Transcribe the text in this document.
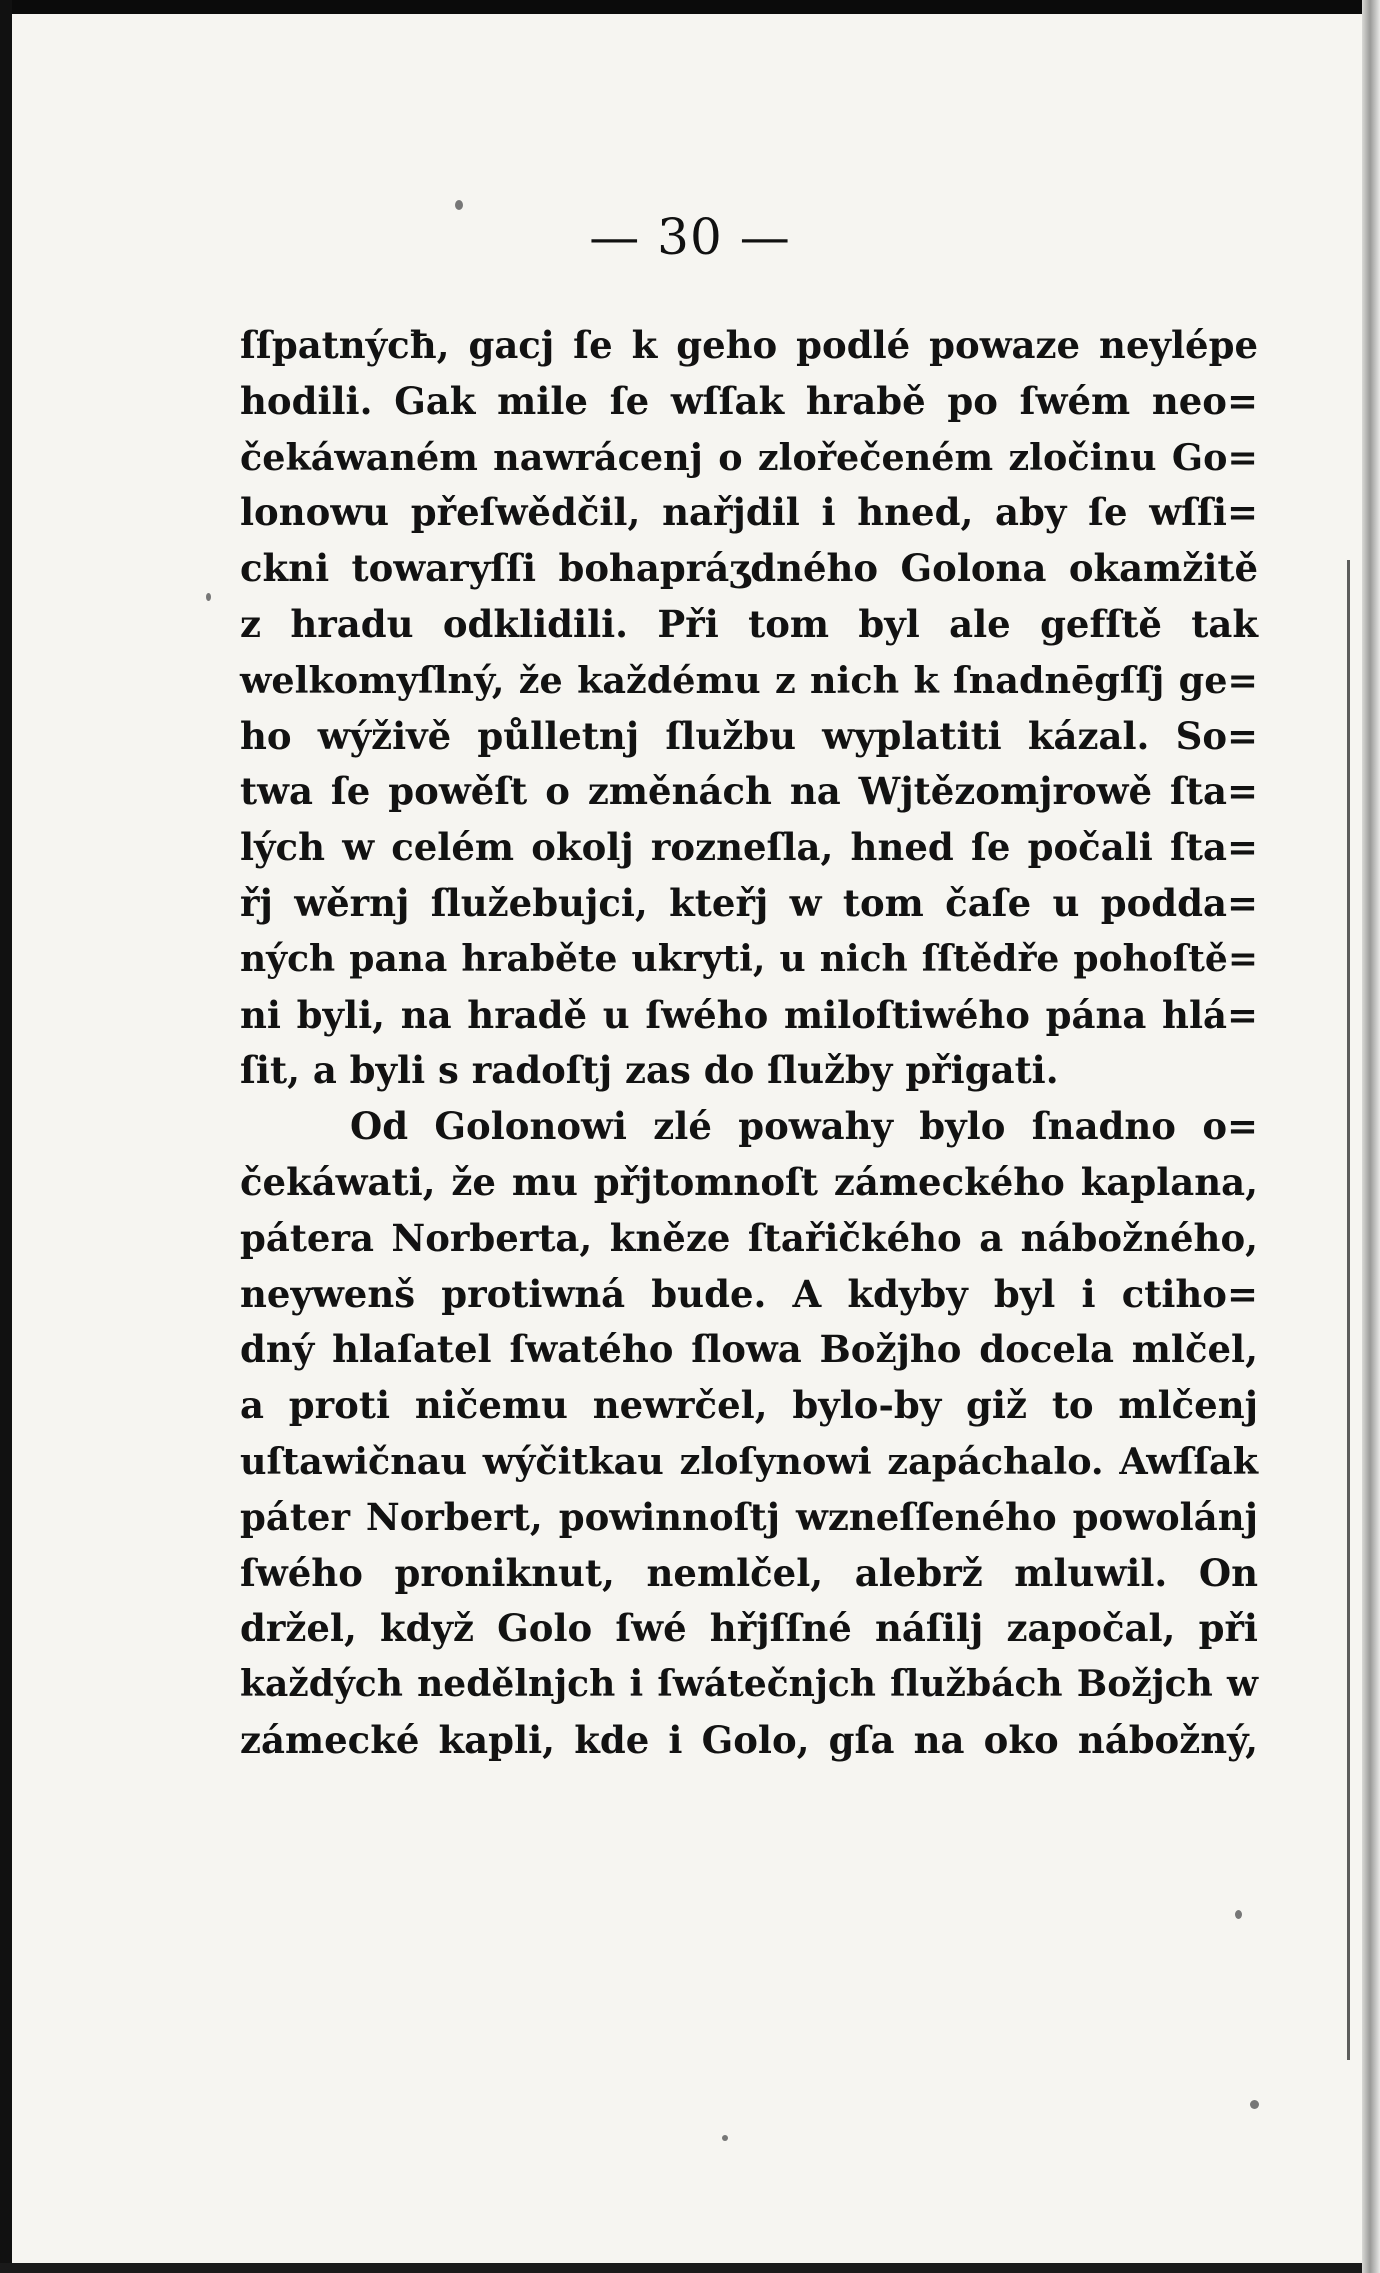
— 30 —
ſſpatnýcħ, gacj ſe k geho podlé powaze neylépe
hodili. Gak mile ſe wſſak hrabě po ſwém neo=
čekáwaném nawrácenj o zlořečeném zločinu Go=
lonowu přeſwědčil, nařjdil i hned, aby ſe wſſi=
ckni towaryſſi bohapráʒdného Golona okamžitě
z hradu odklidili. Při tom byl ale gefſtě tak
welkomyſlný, že každému z nich k ſnadnēgſſj ge=
ho wýživě půlletnj ſlužbu wyplatiti kázal. So=
twa ſe powěſt o změnách na Wjtězomjrowě ſta=
lých w celém okolj rozneſla, hned ſe počali ſta=
řj wěrnj ſlužebujci, kteřj w tom čaſe u podda=
ných pana hraběte ukryti, u nich ſſtědře pohoſtě=
ni byli, na hradě u ſwého miloſtiwého pána hlá=
ſit, a byli s radoſtj zas do ſlužby přigati.
Od Golonowi zlé powahy bylo ſnadno o=
čekáwati, že mu přjtomnoſt zámeckého kaplana,
pátera Norberta, kněze ſtařičkého a nábožného,
neywenš protiwná bude. A kdyby byl i ctiho=
dný hlaſatel ſwatého ſlowa Božjho docela mlčel,
a proti ničemu newrčel, bylo-by giž to mlčenj
uſtawičnau wýčitkau zloſynowi zapáchalo. Awſſak
páter Norbert, powinnoſtj wzneſſeného powolánj
ſwého proniknut, nemlčel, alebrž mluwil. On
držel, když Golo ſwé hřjſſné náſilj započal, při
každých nedělnjch i ſwátečnjch ſlužbách Božjch w
zámecké kapli, kde i Golo, gſa na oko nábožný,
